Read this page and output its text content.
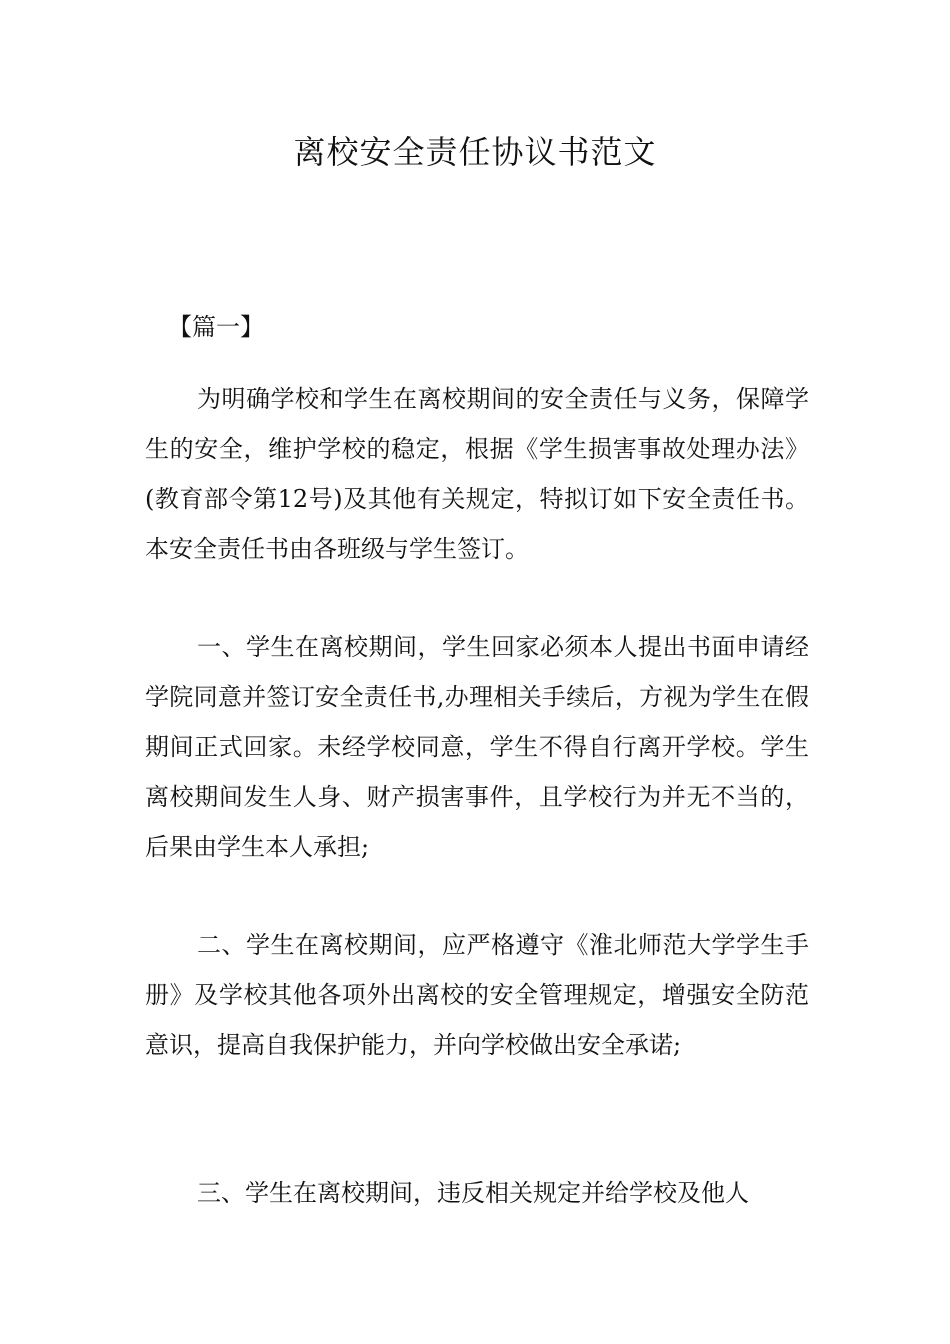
离校安全责任协议书范文

【篇一】

为明确学校和学生在离校期间的安全责任与义务，保障学生的安全，维护学校的稳定，根据《学生损害事故处理办法》(教育部令第12号)及其他有关规定，特拟订如下安全责任书。本安全责任书由各班级与学生签订。

一、学生在离校期间，学生回家必须本人提出书面申请经学院同意并签订安全责任书,办理相关手续后，方视为学生在假期间正式回家。未经学校同意，学生不得自行离开学校。学生离校期间发生人身、财产损害事件，且学校行为并无不当的，后果由学生本人承担;

二、学生在离校期间，应严格遵守《淮北师范大学学生手册》及学校其他各项外出离校的安全管理规定，增强安全防范意识，提高自我保护能力，并向学校做出安全承诺;

三、学生在离校期间，违反相关规定并给学校及他人
